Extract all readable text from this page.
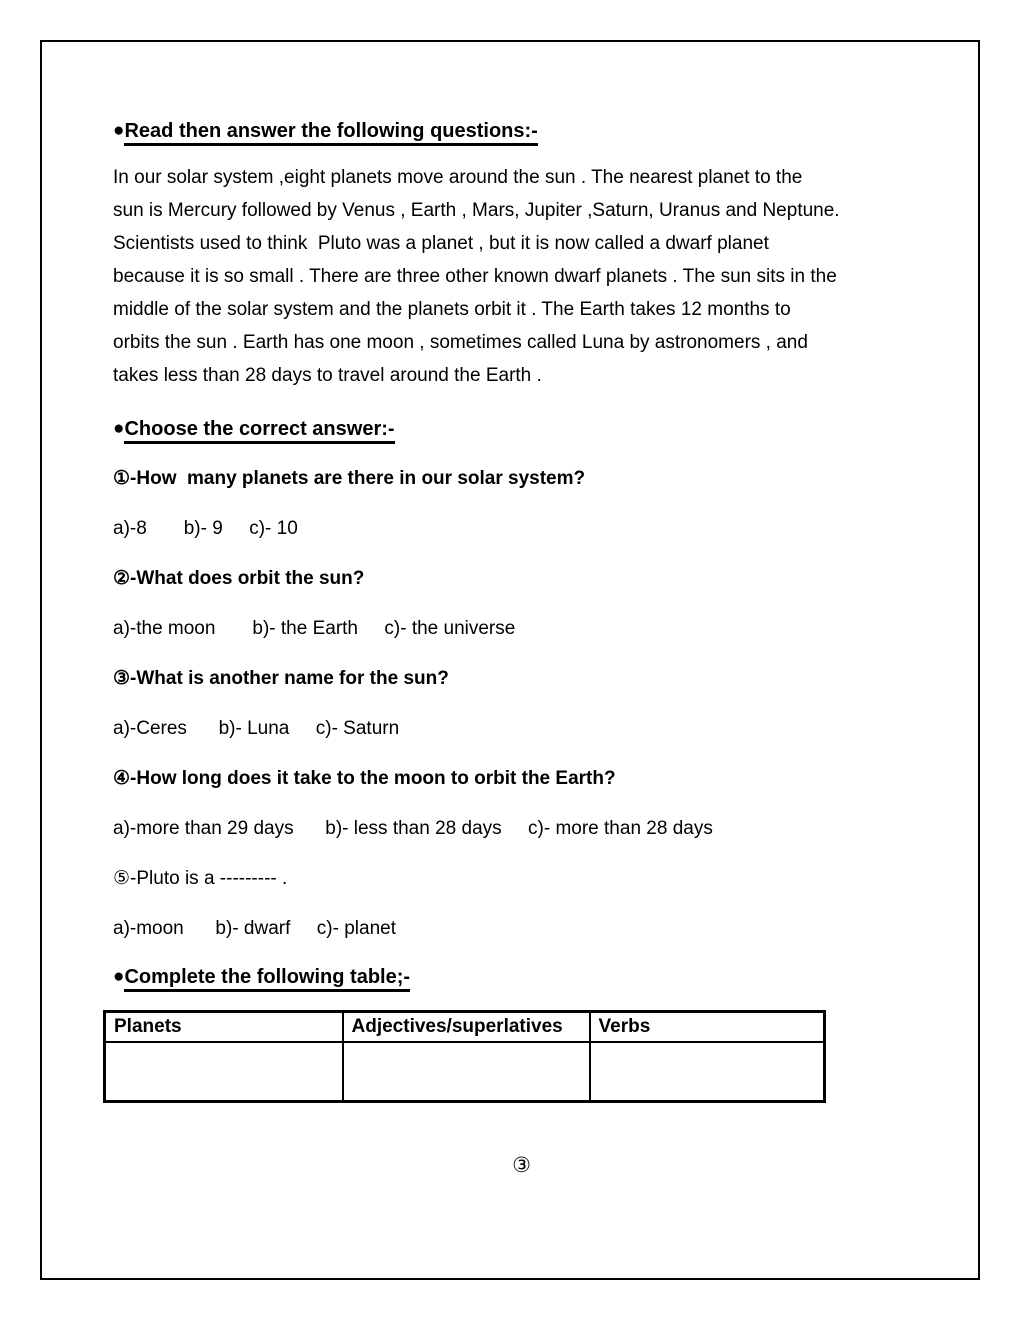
●Read then answer the following questions:-
In our solar system ,eight planets move around the sun . The nearest planet to the
sun is Mercury followed by Venus , Earth , Mars, Jupiter ,Saturn, Uranus and Neptune.
Scientists used to think  Pluto was a planet , but it is now called a dwarf planet
because it is so small . There are three other known dwarf planets . The sun sits in the
middle of the solar system and the planets orbit it . The Earth takes 12 months to
orbits the sun . Earth has one moon , sometimes called Luna by astronomers , and
takes less than 28 days to travel around the Earth .
●Choose the correct answer:-
①-How  many planets are there in our solar system?
a)-8       b)- 9     c)- 10
②-What does orbit the sun?
a)-the moon       b)- the Earth     c)- the universe
③-What is another name for the sun?
a)-Ceres      b)- Luna     c)- Saturn
④-How long does it take to the moon to orbit the Earth?
a)-more than 29 days      b)- less than 28 days     c)- more than 28 days
⑤-Pluto is a --------- .
a)-moon      b)- dwarf     c)- planet
●Complete the following table;-
Planets	Adjectives/superlatives	Verbs

③
